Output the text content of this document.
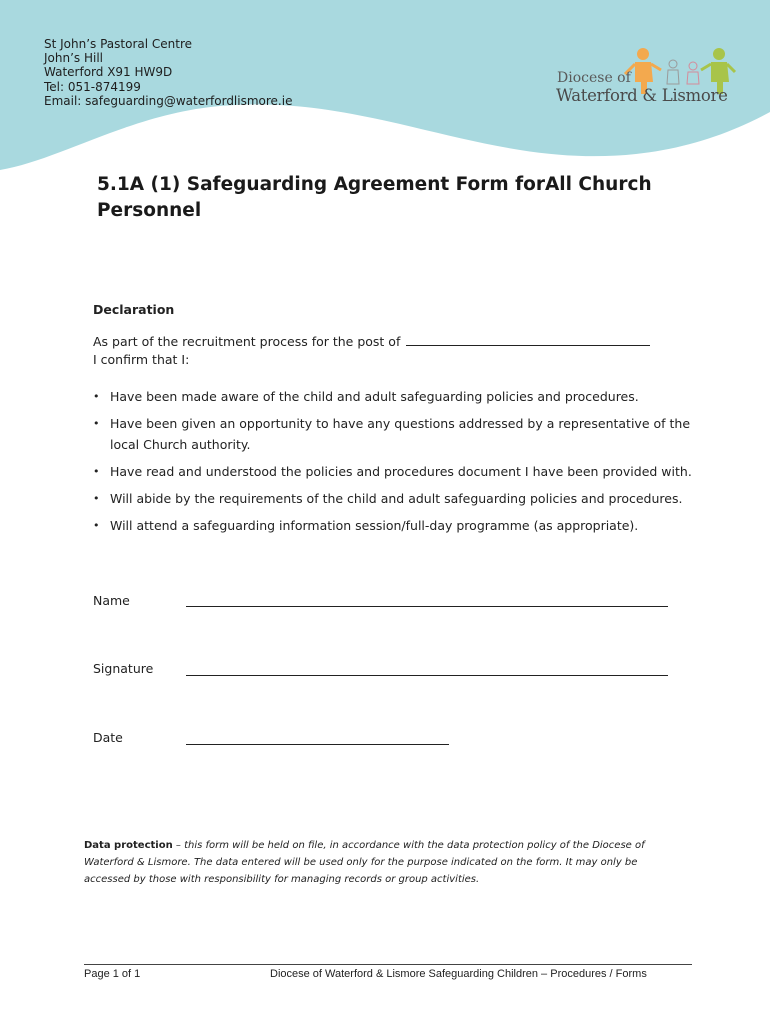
St John’s Pastoral Centre
John’s Hill
Waterford X91 HW9D
Tel: 051-874199
Email: safeguarding@waterfordlismore.ie
Diocese of
Waterford & Lismore
5.1A (1) Safeguarding Agreement Form forAll Church Personnel
Declaration
As part of the recruitment process for the post of
I confirm that I:
• Have been made aware of the child and adult safeguarding policies and procedures.
• Have been given an opportunity to have any questions addressed by a representative of the local Church authority.
• Have read and understood the policies and procedures document I have been provided with.
• Will abide by the requirements of the child and adult safeguarding policies and procedures.
• Will attend a safeguarding information session/full-day programme (as appropriate).
Name
Signature
Date
Data protection – this form will be held on file, in accordance with the data protection policy of the Diocese of Waterford & Lismore. The data entered will be used only for the purpose indicated on the form. It may only be accessed by those with responsibility for managing records or group activities.
Page 1 of 1	Diocese of Waterford & Lismore Safeguarding Children – Procedures / Forms
